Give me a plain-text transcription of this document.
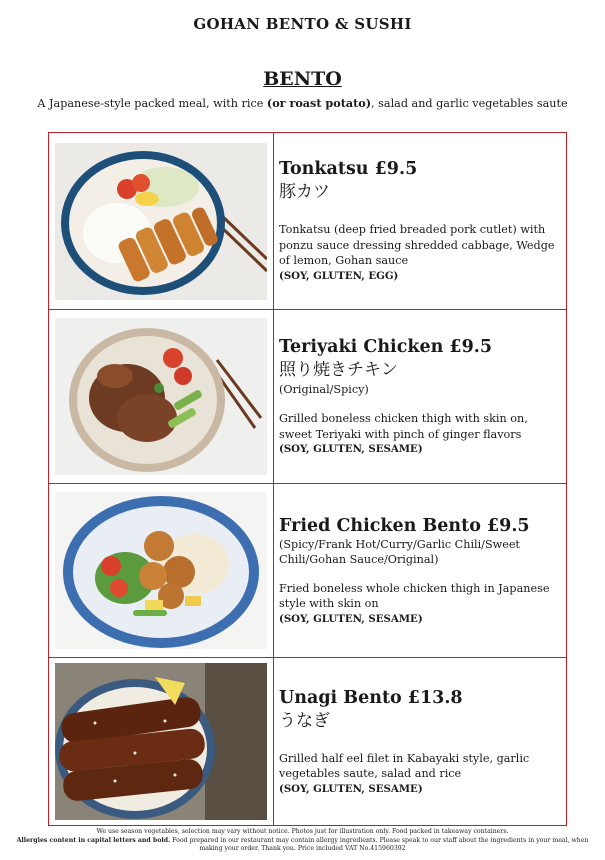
GOHAN BENTO & SUSHI
BENTO
A Japanese-style packed meal, with rice (or roast potato), salad and garlic vegetables saute

Tonkatsu £9.5
豚カツ
Tonkatsu (deep fried breaded pork cutlet) with ponzu sauce dressing shredded cabbage, Wedge of lemon, Gohan sauce
(SOY, GLUTEN, EGG)

Teriyaki Chicken £9.5
照り焼きチキン
(Original/Spicy)
Grilled boneless chicken thigh with skin on, sweet Teriyaki with pinch of ginger flavors
(SOY, GLUTEN, SESAME)

Fried Chicken Bento £9.5
(Spicy/Frank Hot/Curry/Garlic Chili/Sweet Chili/Gohan Sauce/Original)
Fried boneless whole chicken thigh in Japanese style with skin on
(SOY, GLUTEN, SESAME)

Unagi Bento £13.8
うなぎ
Grilled half eel filet in Kabayaki style, garlic vegetables saute, salad and rice
(SOY, GLUTEN, SESAME)
We use season vegetables, selection may vary without notice. Photos just for illustration only. Food packed in takeaway containers.
Allergies content in capital letters and bold. Food prepared in our restaurant may contain allergy ingredients. Please speak to our staff about the ingredients in your meal, when
making your order. Thank you. Price included VAT No.415960392
